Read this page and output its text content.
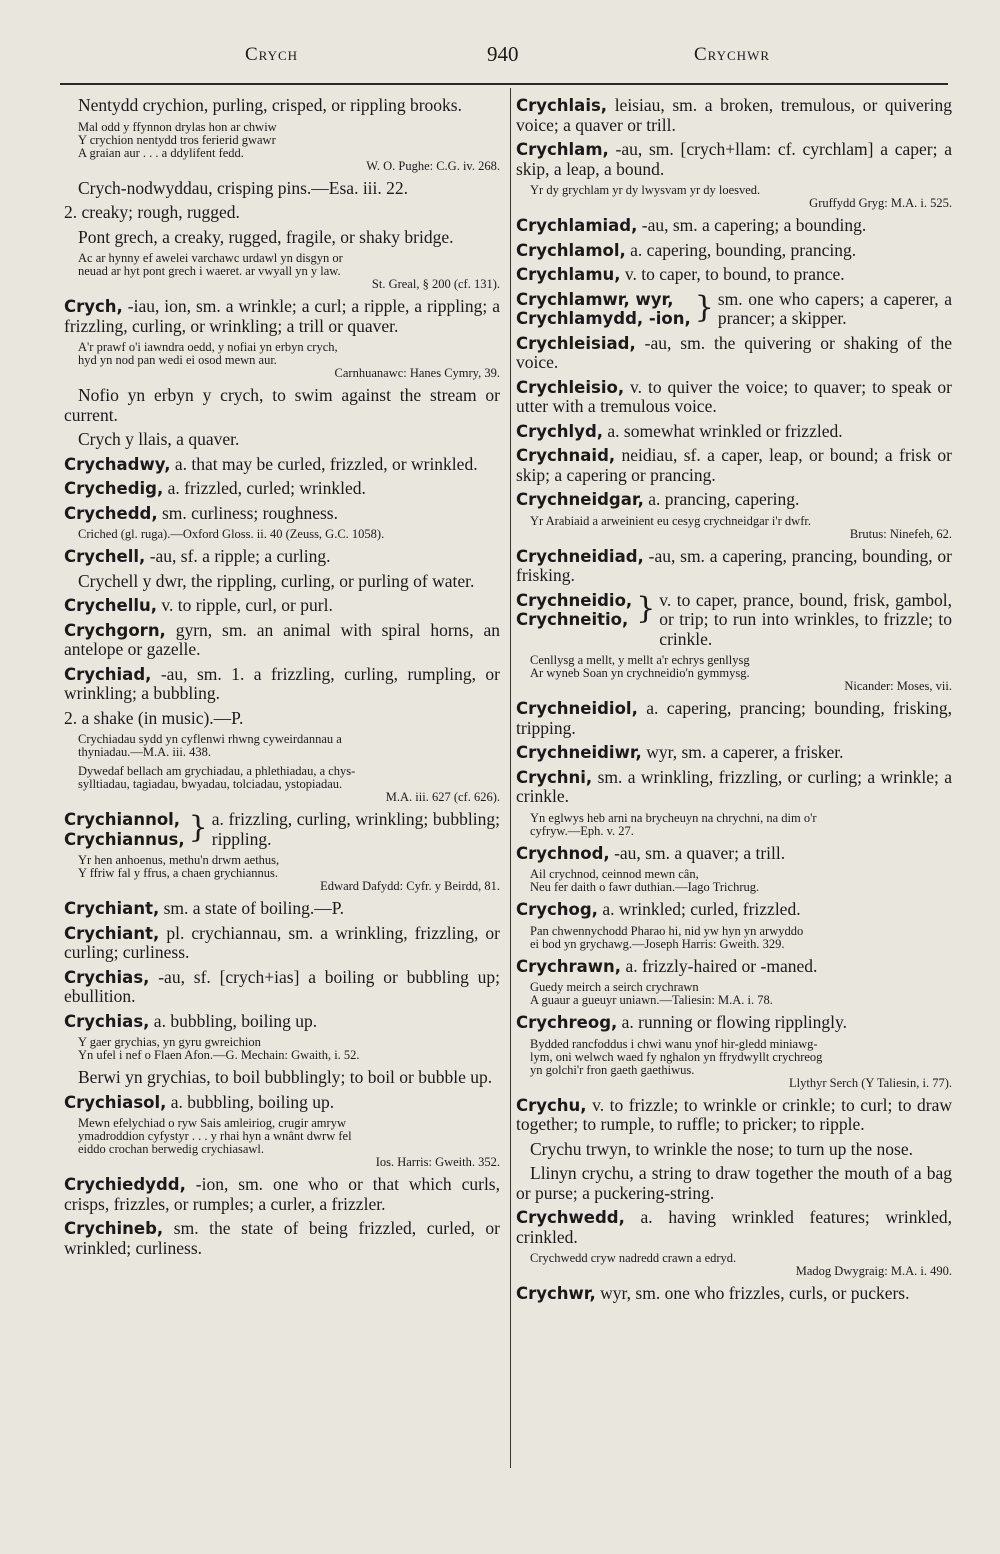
Crych	940	Crychwr
Nentydd crychion, purling, crisped, or rippling brooks.
Mal odd y ffynnon drylas hon ar chwiw
Y crychion nentydd tros ferierid gwawr
A graian aur . . . a ddylifent fedd.
W. O. Pughe: C.G. iv. 268.
Crych-nodwyddau, crisping pins.—Esa. iii. 22.
2. creaky; rough, rugged.
Pont grech, a creaky, rugged, fragile, or shaky bridge.
Ac ar hynny ef awelei varchawc urdawl yn disgyn or
neuad ar hyt pont grech i waeret. ar vwyall yn y law.
St. Greal, § 200 (cf. 131).
Crych, -iau, ion, sm. a wrinkle; a curl; a ripple, a rippling; a frizzling, curling, or wrinkling; a trill or quaver.
A'r prawf o'i iawndra oedd, y nofiai yn erbyn crych,
hyd yn nod pan wedi ei osod mewn aur.
Carnhuanawc: Hanes Cymry, 39.
Nofio yn erbyn y crych, to swim against the stream or current.
Crych y llais, a quaver.
Crychadwy, a. that may be curled, frizzled, or wrinkled.
Crychedig, a. frizzled, curled; wrinkled.
Crychedd, sm. curliness; roughness.
Criched (gl. ruga).—Oxford Gloss. ii. 40 (Zeuss, G.C. 1058).
Crychell, -au, sf. a ripple; a curling.
Crychell y dwr, the rippling, curling, or purling of water.
Crychellu, v. to ripple, curl, or purl.
Crychgorn, gyrn, sm. an animal with spiral horns, an antelope or gazelle.
Crychiad, -au, sm. 1. a frizzling, curling, rumpling, or wrinkling; a bubbling.
2. a shake (in music).—P.
Crychiadau sydd yn cyflenwi rhwng cyweirdannau a
thyniadau.—M.A. iii. 438.
Dywedaf bellach am grychiadau, a phlethiadau, a chys-
sylltiadau, tagiadau, bwyadau, tolciadau, ystopiadau.
M.A. iii. 627 (cf. 626).
Crychiannol,
Crychiannus, } a. frizzling, curling, wrinkling; bubbling; rippling.
Yr hen anhoenus, methu'n drwm aethus,
Y ffriw fal y ffrus, a chaen grychiannus.
Edward Dafydd: Cyfr. y Beirdd, 81.
Crychiant, sm. a state of boiling.—P.
Crychiant, pl. crychiannau, sm. a wrinkling, frizzling, or curling; curliness.
Crychias, -au, sf. [crych+ias] a boiling or bubbling up; ebullition.
Crychias, a. bubbling, boiling up.
Y gaer grychias, yn gyru gwreichion
Yn ufel i nef o Flaen Afon.—G. Mechain: Gwaith, i. 52.
Berwi yn grychias, to boil bubblingly; to boil or bubble up.
Crychiasol, a. bubbling, boiling up.
Mewn efelychiad o ryw Sais amleiriog, crugir amryw
ymadroddion cyfystyr . . . y rhai hyn a wnânt dwrw fel
eiddo crochan berwedig crychiasawl.
Ios. Harris: Gweith. 352.
Crychiedydd, -ion, sm. one who or that which curls, crisps, frizzles, or rumples; a curler, a frizzler.
Crychineb, sm. the state of being frizzled, curled, or wrinkled; curliness.
Crychlais, leisiau, sm. a broken, tremulous, or quivering voice; a quaver or trill.
Crychlam, -au, sm. [crych+llam: cf. cyrchlam] a caper; a skip, a leap, a bound.
Yr dy grychlam yr dy lwysvam yr dy loesved.
Gruffydd Gryg: M.A. i. 525.
Crychlamiad, -au, sm. a capering; a bounding.
Crychlamol, a. capering, bounding, prancing.
Crychlamu, v. to caper, to bound, to prance.
Crychlamwr, wyr,
Crychlamydd, -ion, } sm. one who capers; a caperer, a prancer; a skipper.
Crychleisiad, -au, sm. the quivering or shaking of the voice.
Crychleisio, v. to quiver the voice; to quaver; to speak or utter with a tremulous voice.
Crychlyd, a. somewhat wrinkled or frizzled.
Crychnaid, neidiau, sf. a caper, leap, or bound; a frisk or skip; a capering or prancing.
Crychneidgar, a. prancing, capering.
Yr Arabiaid a arweinient eu cesyg crychneidgar i'r dwfr.
Brutus: Ninefeh, 62.
Crychneidiad, -au, sm. a capering, prancing, bounding, or frisking.
Crychneidio,
Crychneitio, } v. to caper, prance, bound, frisk, gambol, or trip; to run into wrinkles, to frizzle; to crinkle.
Cenllysg a mellt, y mellt a'r echrys genllysg
Ar wyneb Soan yn crychneidio'n gymmysg.
Nicander: Moses, vii.
Crychneidiol, a. capering, prancing; bounding, frisking, tripping.
Crychneidiwr, wyr, sm. a caperer, a frisker.
Crychni, sm. a wrinkling, frizzling, or curling; a wrinkle; a crinkle.
Yn eglwys heb arni na brycheuyn na chrychni, na dim o'r
cyfryw.—Eph. v. 27.
Crychnod, -au, sm. a quaver; a trill.
Ail crychnod, ceinnod mewn cân,
Neu fer daith o fawr duthian.—Iago Trichrug.
Crychog, a. wrinkled; curled, frizzled.
Pan chwennychodd Pharao hi, nid yw hyn yn arwyddo
ei bod yn grychawg.—Joseph Harris: Gweith. 329.
Crychrawn, a. frizzly-haired or -maned.
Guedy meirch a seirch crychrawn
A guaur a gueuyr uniawn.—Taliesin: M.A. i. 78.
Crychreog, a. running or flowing ripplingly.
Bydded rancfoddus i chwi wanu ynof hir-gledd miniawg-
lym, oni welwch waed fy nghalon yn ffrydwyllt crychreog
yn golchi'r fron gaeth gaethiwus.
Llythyr Serch (Y Taliesin, i. 77).
Crychu, v. to frizzle; to wrinkle or crinkle; to curl; to draw together; to rumple, to ruffle; to pricker; to ripple.
Crychu trwyn, to wrinkle the nose; to turn up the nose.
Llinyn crychu, a string to draw together the mouth of a bag or purse; a puckering-string.
Crychwedd, a. having wrinkled features; wrinkled, crinkled.
Crychwedd cryw nadredd crawn a edryd.
Madog Dwygraig: M.A. i. 490.
Crychwr, wyr, sm. one who frizzles, curls, or puckers.
